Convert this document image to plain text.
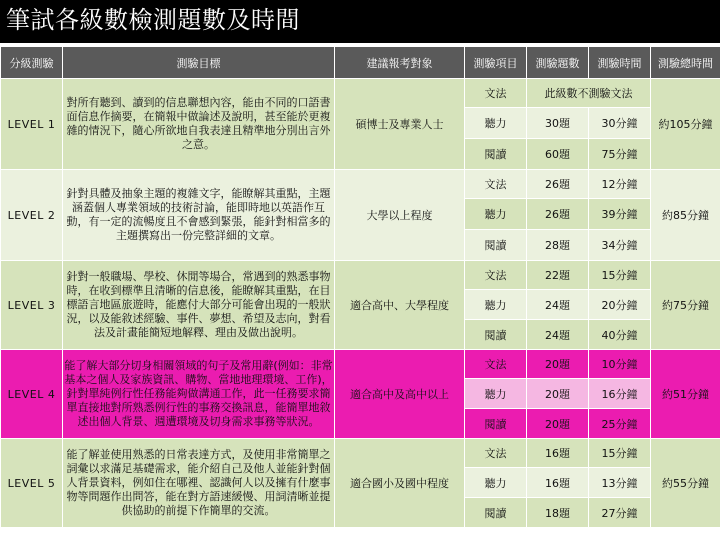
筆試各級數檢測題數及時間
分級測驗	測驗目標	建議報考對象	測驗項目	測驗題數	測驗時間	測驗總時間
LEVEL 1	對所有聽到、讀到的信息聯想內容，能由不同的口語書面信息作摘要，在簡報中做論述及說明，甚至能於更複雜的情況下，隨心所欲地自我表達且精準地分別出言外之意。	碩博士及專業人士	文法	此級數不測驗文法		約105分鐘
			聽力	30題	30分鐘	
			閱讀	60題	75分鐘	
LEVEL 2	針對具體及抽象主題的複雜文字，能瞭解其重點，主題涵蓋個人專業領域的技術討論，能即時地以英語作互動，有一定的流暢度且不會感到緊張，能針對相當多的主題撰寫出一份完整詳細的文章。	大學以上程度	文法	26題	12分鐘	約85分鐘
			聽力	26題	39分鐘	
			閱讀	28題	34分鐘	
LEVEL 3	針對一般職場、學校、休閒等場合，常遇到的熟悉事物時，在收到標準且清晰的信息後，能瞭解其重點，在目標語言地區旅遊時，能應付大部分可能會出現的一般狀況，以及能敘述經驗、事件、夢想、希望及志向，對看法及計畫能簡短地解釋、理由及做出說明。	適合高中、大學程度	文法	22題	15分鐘	約75分鐘
			聽力	24題	20分鐘	
			閱讀	24題	40分鐘	
LEVEL 4	能了解大部分切身相關領域的句子及常用辭(例如：非常基本之個人及家族資訊、購物、當地地理環境、工作)，針對單純例行性任務能夠做溝通工作，此一任務要求簡單直接地對所熟悉例行性的事務交換訊息，能簡單地敘述出個人背景、週遭環境及切身需求事務等狀況。	適合高中及高中以上	文法	20題	10分鐘	約51分鐘
			聽力	20題	16分鐘	
			閱讀	20題	25分鐘	
LEVEL 5	能了解並使用熟悉的日常表達方式，及使用非常簡單之詞彙以求滿足基礎需求，能介紹自己及他人並能針對個人背景資料，例如住在哪裡、認識何人以及擁有什麼事物等問題作出問答，能在對方語速緩慢、用詞清晰並提供協助的前提下作簡單的交流。	適合國小及國中程度	文法	16題	15分鐘	約55分鐘
			聽力	16題	13分鐘	
			閱讀	18題	27分鐘	
